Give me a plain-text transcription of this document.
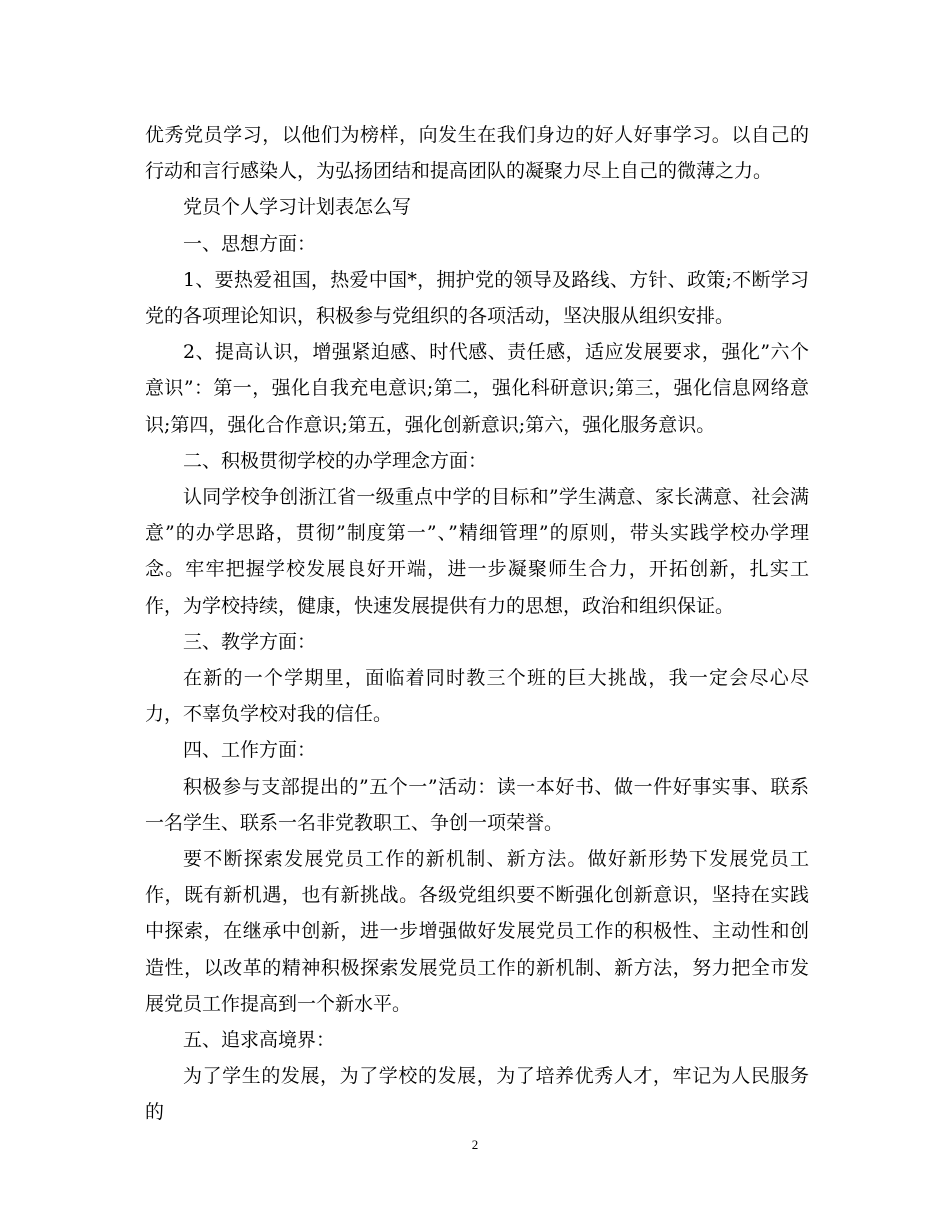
优秀党员学习，以他们为榜样，向发生在我们身边的好人好事学习。以自己的行动和言行感染人，为弘扬团结和提高团队的凝聚力尽上自己的微薄之力。

党员个人学习计划表怎么写

一、思想方面：

1、要热爱祖国，热爱中国*，拥护党的领导及路线、方针、政策;不断学习党的各项理论知识，积极参与党组织的各项活动，坚决服从组织安排。

2、提高认识，增强紧迫感、时代感、责任感，适应发展要求，强化”六个意识”：第一，强化自我充电意识;第二，强化科研意识;第三，强化信息网络意识;第四，强化合作意识;第五，强化创新意识;第六，强化服务意识。

二、积极贯彻学校的办学理念方面：

认同学校争创浙江省一级重点中学的目标和”学生满意、家长满意、社会满意”的办学思路，贯彻”制度第一”、”精细管理”的原则，带头实践学校办学理念。牢牢把握学校发展良好开端，进一步凝聚师生合力，开拓创新，扎实工作，为学校持续，健康，快速发展提供有力的思想，政治和组织保证。

三、教学方面：

在新的一个学期里，面临着同时教三个班的巨大挑战，我一定会尽心尽力，不辜负学校对我的信任。

四、工作方面：

积极参与支部提出的”五个一”活动：读一本好书、做一件好事实事、联系一名学生、联系一名非党教职工、争创一项荣誉。

要不断探索发展党员工作的新机制、新方法。做好新形势下发展党员工作，既有新机遇，也有新挑战。各级党组织要不断强化创新意识，坚持在实践中探索，在继承中创新，进一步增强做好发展党员工作的积极性、主动性和创造性，以改革的精神积极探索发展党员工作的新机制、新方法，努力把全市发展党员工作提高到一个新水平。

五、追求高境界：

为了学生的发展，为了学校的发展，为了培养优秀人才，牢记为人民服务的

2
